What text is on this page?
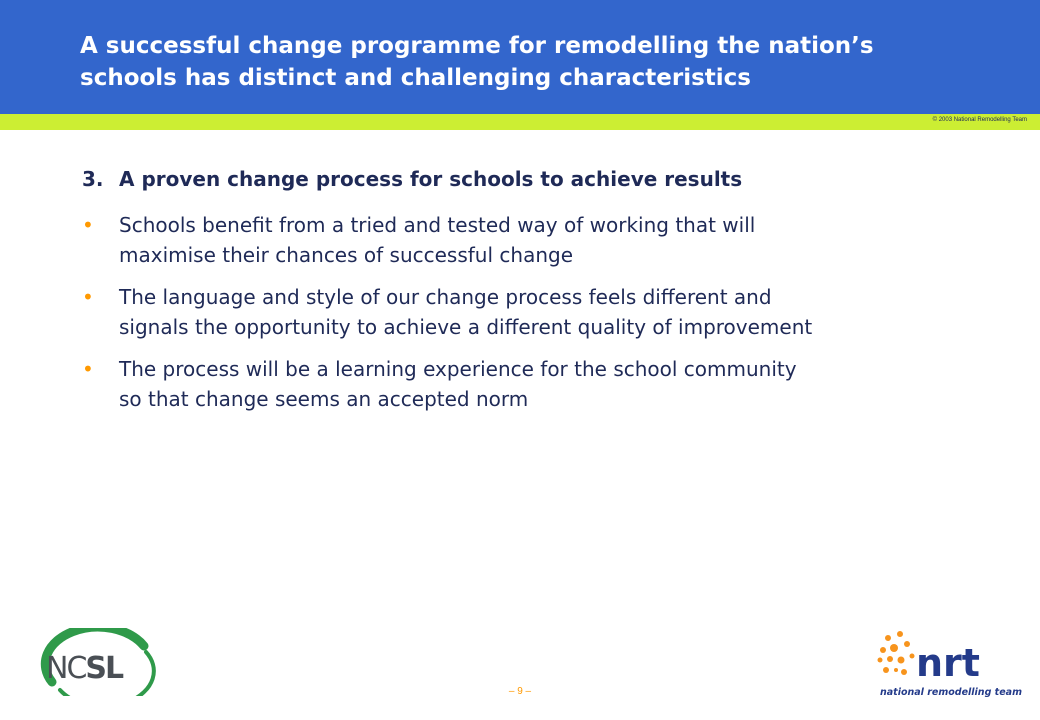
A successful change programme for remodelling the nation’s
schools has distinct and challenging characteristics
© 2003 National Remodelling Team
3. A proven change process for schools to achieve results
•	Schools benefit from a tried and tested way of working that will
maximise their chances of successful change
•	The language and style of our change process feels different and
signals the opportunity to achieve a different quality of improvement
•	The process will be a learning experience for the school community
so that change seems an accepted norm
NCSL
– 9 –
nrt
national remodelling team
